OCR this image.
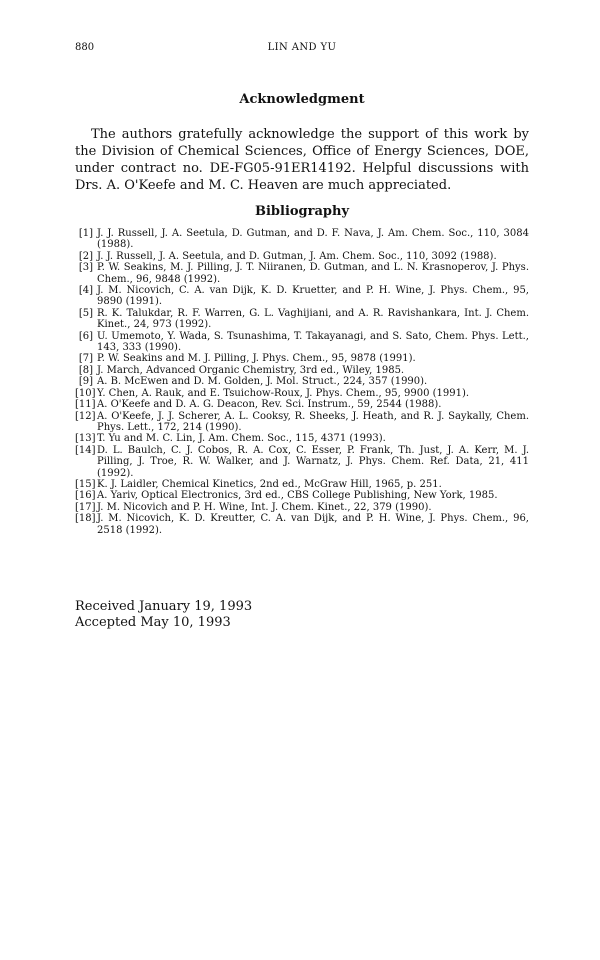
880	LIN AND YU
Acknowledgment

The authors gratefully acknowledge the support of this work by the Division of Chemical Sciences, Office of Energy Sciences, DOE, under contract no. DE-FG05-91ER14192. Helpful discussions with Drs. A. O'Keefe and M. C. Heaven are much appreciated.

Bibliography
[1] J. J. Russell, J. A. Seetula, D. Gutman, and D. F. Nava, J. Am. Chem. Soc., 110, 3084 (1988).
[2] J. J. Russell, J. A. Seetula, and D. Gutman, J. Am. Chem. Soc., 110, 3092 (1988).
[3] P. W. Seakins, M. J. Pilling, J. T. Niiranen, D. Gutman, and L. N. Krasnoperov, J. Phys. Chem., 96, 9848 (1992).
[4] J. M. Nicovich, C. A. van Dijk, K. D. Kruetter, and P. H. Wine, J. Phys. Chem., 95, 9890 (1991).
[5] R. K. Talukdar, R. F. Warren, G. L. Vaghijiani, and A. R. Ravishankara, Int. J. Chem. Kinet., 24, 973 (1992).
[6] U. Umemoto, Y. Wada, S. Tsunashima, T. Takayanagi, and S. Sato, Chem. Phys. Lett., 143, 333 (1990).
[7] P. W. Seakins and M. J. Pilling, J. Phys. Chem., 95, 9878 (1991).
[8] J. March, Advanced Organic Chemistry, 3rd ed., Wiley, 1985.
[9] A. B. McEwen and D. M. Golden, J. Mol. Struct., 224, 357 (1990).
[10] Y. Chen, A. Rauk, and E. Tsuichow-Roux, J. Phys. Chem., 95, 9900 (1991).
[11] A. O'Keefe and D. A. G. Deacon, Rev. Sci. Instrum., 59, 2544 (1988).
[12] A. O'Keefe, J. J. Scherer, A. L. Cooksy, R. Sheeks, J. Heath, and R. J. Saykally, Chem. Phys. Lett., 172, 214 (1990).
[13] T. Yu and M. C. Lin, J. Am. Chem. Soc., 115, 4371 (1993).
[14] D. L. Baulch, C. J. Cobos, R. A. Cox, C. Esser, P. Frank, Th. Just, J. A. Kerr, M. J. Pilling, J. Troe, R. W. Walker, and J. Warnatz, J. Phys. Chem. Ref. Data, 21, 411 (1992).
[15] K. J. Laidler, Chemical Kinetics, 2nd ed., McGraw Hill, 1965, p. 251.
[16] A. Yariv, Optical Electronics, 3rd ed., CBS College Publishing, New York, 1985.
[17] J. M. Nicovich and P. H. Wine, Int. J. Chem. Kinet., 22, 379 (1990).
[18] J. M. Nicovich, K. D. Kreutter, C. A. van Dijk, and P. H. Wine, J. Phys. Chem., 96, 2518 (1992).
Received January 19, 1993
Accepted May 10, 1993
